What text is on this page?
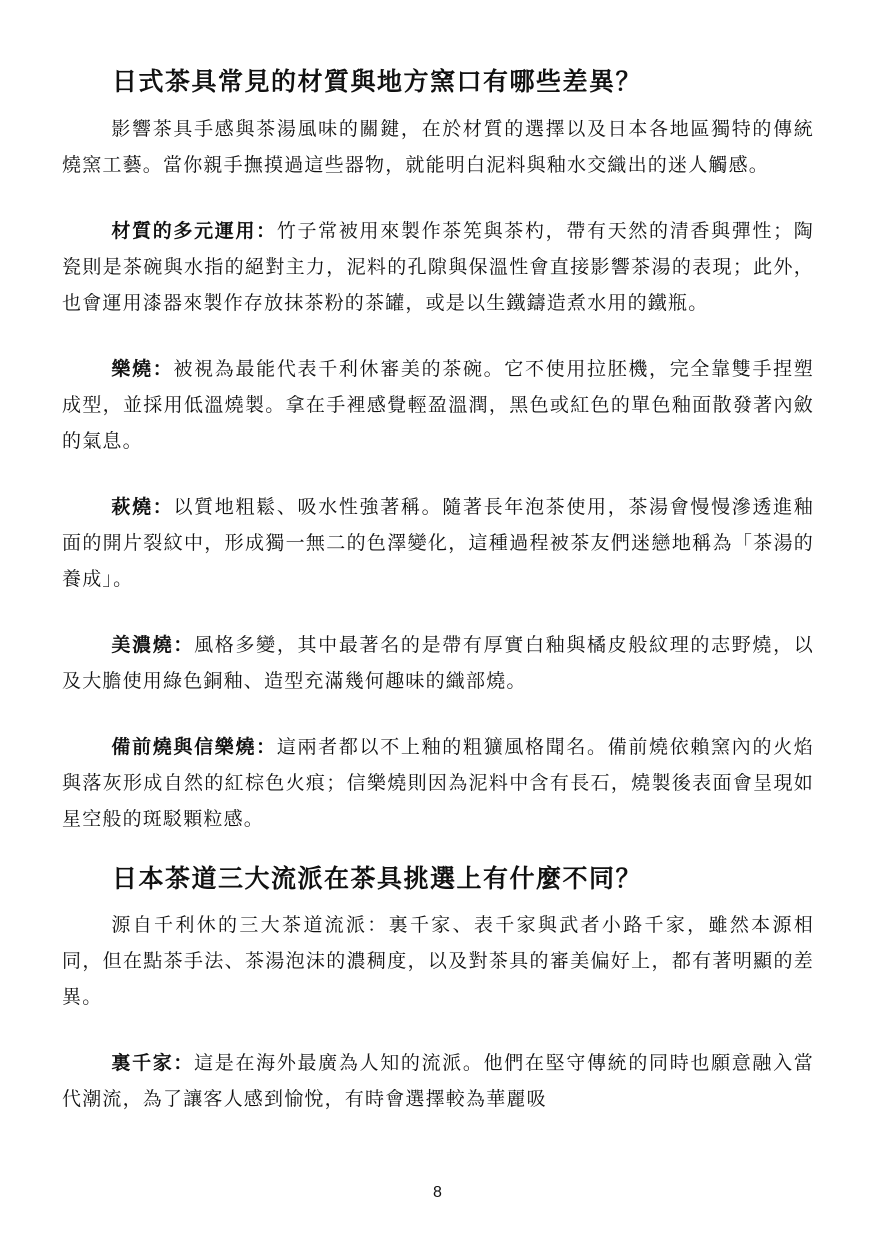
日式茶具常見的材質與地方窯口有哪些差異？

影響茶具手感與茶湯風味的關鍵，在於材質的選擇以及日本各地區獨特的傳統燒窯工藝。當你親手撫摸過這些器物，就能明白泥料與釉水交織出的迷人觸感。

材質的多元運用：竹子常被用來製作茶筅與茶杓，帶有天然的清香與彈性；陶瓷則是茶碗與水指的絕對主力，泥料的孔隙與保溫性會直接影響茶湯的表現；此外，也會運用漆器來製作存放抹茶粉的茶罐，或是以生鐵鑄造煮水用的鐵瓶。

樂燒：被視為最能代表千利休審美的茶碗。它不使用拉胚機，完全靠雙手捏塑成型，並採用低溫燒製。拿在手裡感覺輕盈溫潤，黑色或紅色的單色釉面散發著內斂的氣息。

萩燒：以質地粗鬆、吸水性強著稱。隨著長年泡茶使用，茶湯會慢慢滲透進釉面的開片裂紋中，形成獨一無二的色澤變化，這種過程被茶友們迷戀地稱為「茶湯的養成」。

美濃燒：風格多變，其中最著名的是帶有厚實白釉與橘皮般紋理的志野燒，以及大膽使用綠色銅釉、造型充滿幾何趣味的織部燒。

備前燒與信樂燒：這兩者都以不上釉的粗獷風格聞名。備前燒依賴窯內的火焰與落灰形成自然的紅棕色火痕；信樂燒則因為泥料中含有長石，燒製後表面會呈現如星空般的斑駁顆粒感。

日本茶道三大流派在茶具挑選上有什麼不同？

源自千利休的三大茶道流派：裏千家、表千家與武者小路千家，雖然本源相同，但在點茶手法、茶湯泡沫的濃稠度，以及對茶具的審美偏好上，都有著明顯的差異。

裏千家：這是在海外最廣為人知的流派。他們在堅守傳統的同時也願意融入當代潮流，為了讓客人感到愉悅，有時會選擇較為華麗吸

8
